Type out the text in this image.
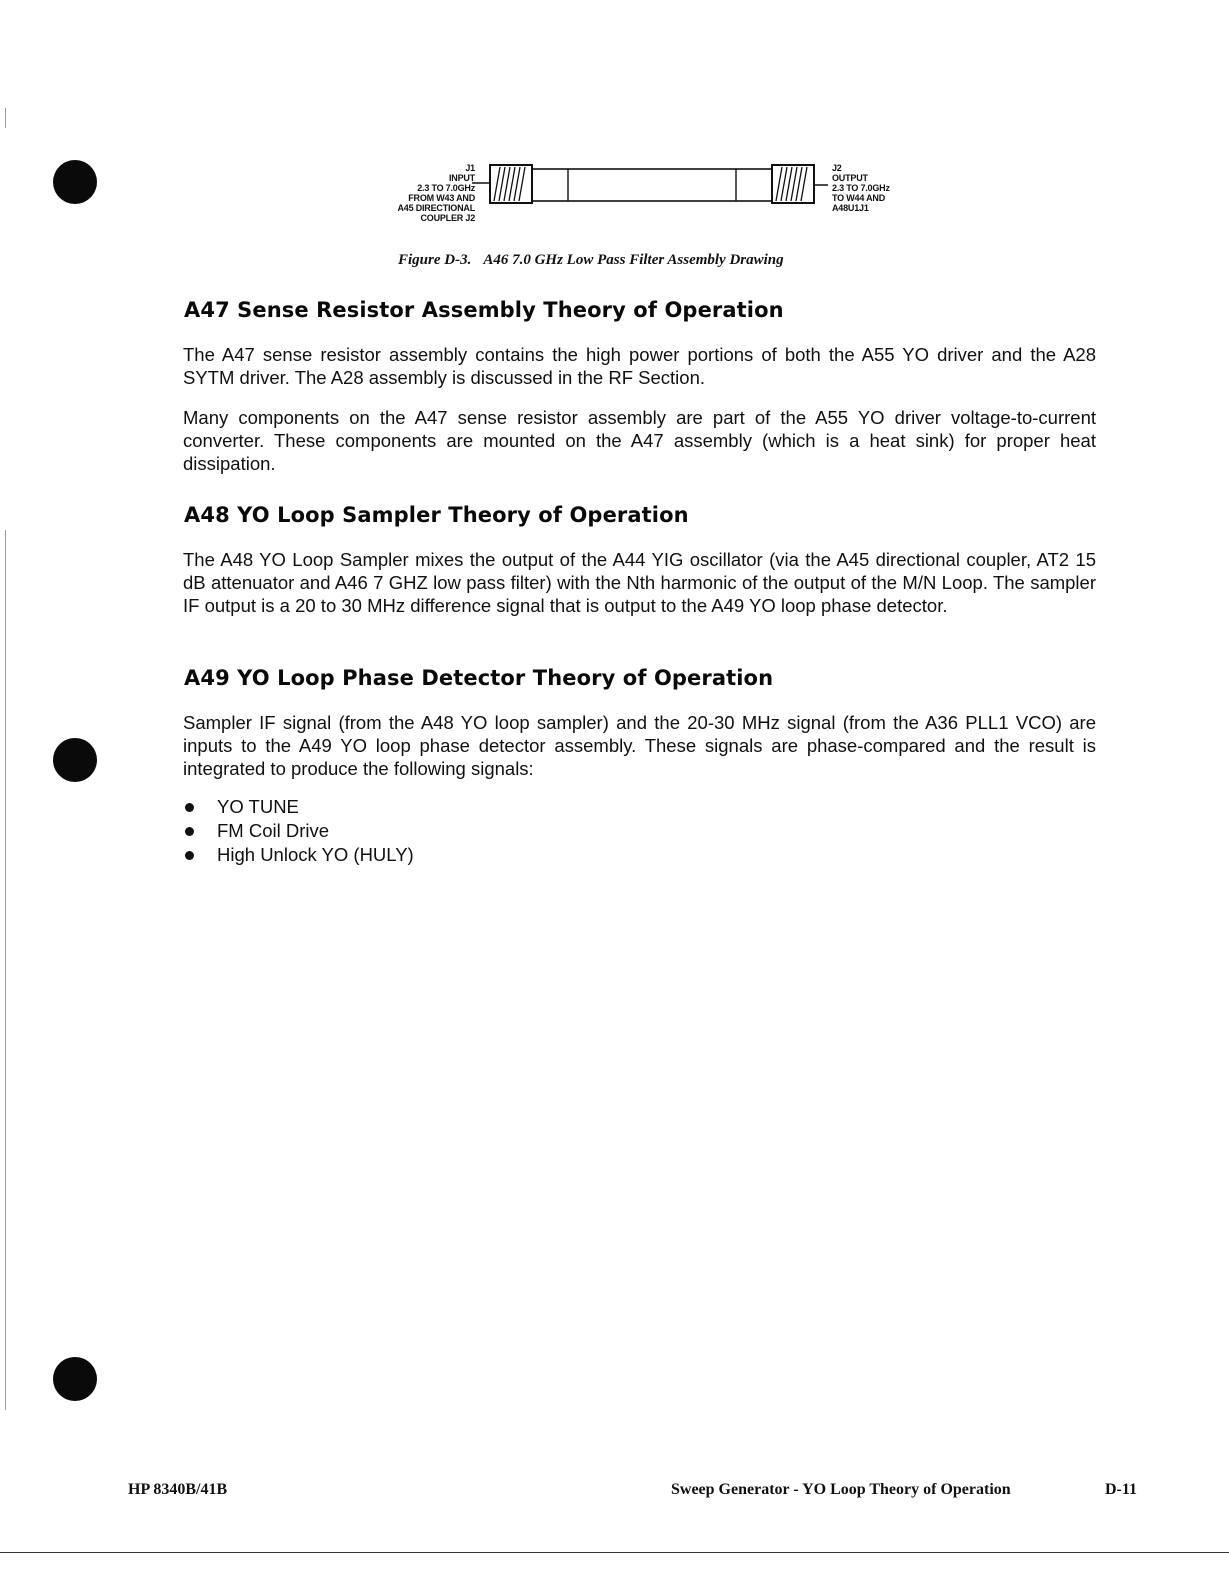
J1
INPUT
2.3 TO 7.0GHz
FROM W43 AND
A45 DIRECTIONAL
COUPLER J2
J2
OUTPUT
2.3 TO 7.0GHz
TO W44 AND
A48U1J1
Figure D-3. A46 7.0 GHz Low Pass Filter Assembly Drawing
A47 Sense Resistor Assembly Theory of Operation

The A47 sense resistor assembly contains the high power portions of both the A55 YO driver and the A28 SYTM driver. The A28 assembly is discussed in the RF Section.

Many components on the A47 sense resistor assembly are part of the A55 YO driver voltage-to-current converter. These components are mounted on the A47 assembly (which is a heat sink) for proper heat dissipation.

A48 YO Loop Sampler Theory of Operation

The A48 YO Loop Sampler mixes the output of the A44 YIG oscillator (via the A45 directional coupler, AT2 15 dB attenuator and A46 7 GHZ low pass filter) with the Nth harmonic of the output of the M/N Loop. The sampler IF output is a 20 to 30 MHz difference signal that is output to the A49 YO loop phase detector.

A49 YO Loop Phase Detector Theory of Operation

Sampler IF signal (from the A48 YO loop sampler) and the 20-30 MHz signal (from the A36 PLL1 VCO) are inputs to the A49 YO loop phase detector assembly. These signals are phase-compared and the result is integrated to produce the following signals:

YO TUNE
FM Coil Drive
High Unlock YO (HULY)
HP 8340B/41B	Sweep Generator - YO Loop Theory of Operation	D-11
